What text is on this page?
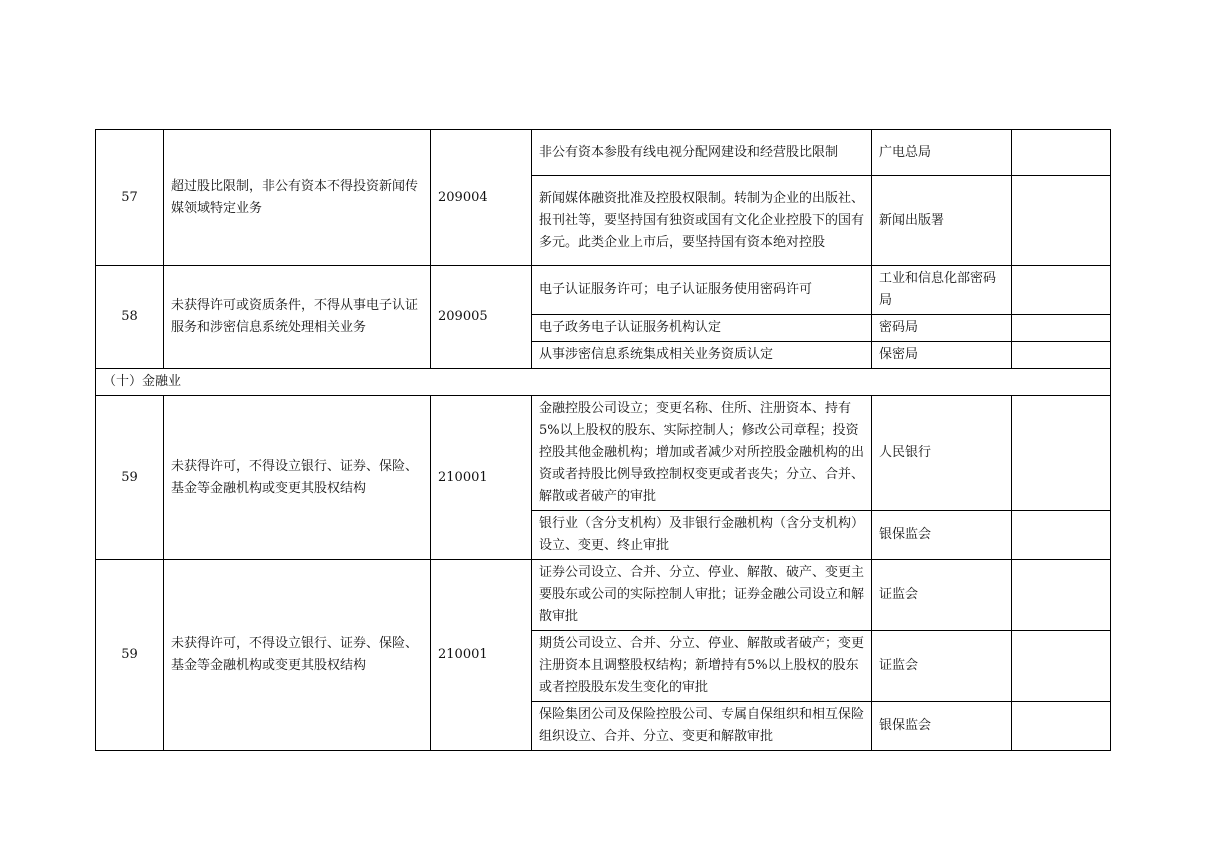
57	超过股比限制，非公有资本不得投资新闻传媒领域特定业务	209004	非公有资本参股有线电视分配网建设和经营股比限制	广电总局	
			新闻媒体融资批准及控股权限制。转制为企业的出版社、报刊社等，要坚持国有独资或国有文化企业控股下的国有多元。此类企业上市后，要坚持国有资本绝对控股	新闻出版署	
58	未获得许可或资质条件，不得从事电子认证服务和涉密信息系统处理相关业务	209005	电子认证服务许可；电子认证服务使用密码许可	工业和信息化部密码局	
			电子政务电子认证服务机构认定	密码局	
			从事涉密信息系统集成相关业务资质认定	保密局	
（十）金融业					
59	未获得许可，不得设立银行、证券、保险、基金等金融机构或变更其股权结构	210001	金融控股公司设立；变更名称、住所、注册资本、持有5%以上股权的股东、实际控制人；修改公司章程；投资控股其他金融机构；增加或者减少对所控股金融机构的出资或者持股比例导致控制权变更或者丧失；分立、合并、解散或者破产的审批	人民银行	
			银行业（含分支机构）及非银行金融机构（含分支机构）设立、变更、终止审批	银保监会	
59	未获得许可，不得设立银行、证券、保险、基金等金融机构或变更其股权结构	210001	证券公司设立、合并、分立、停业、解散、破产、变更主要股东或公司的实际控制人审批；证券金融公司设立和解散审批	证监会	
			期货公司设立、合并、分立、停业、解散或者破产；变更注册资本且调整股权结构；新增持有5%以上股权的股东或者控股股东发生变化的审批	证监会	
			保险集团公司及保险控股公司、专属自保组织和相互保险组织设立、合并、分立、变更和解散审批	银保监会	
